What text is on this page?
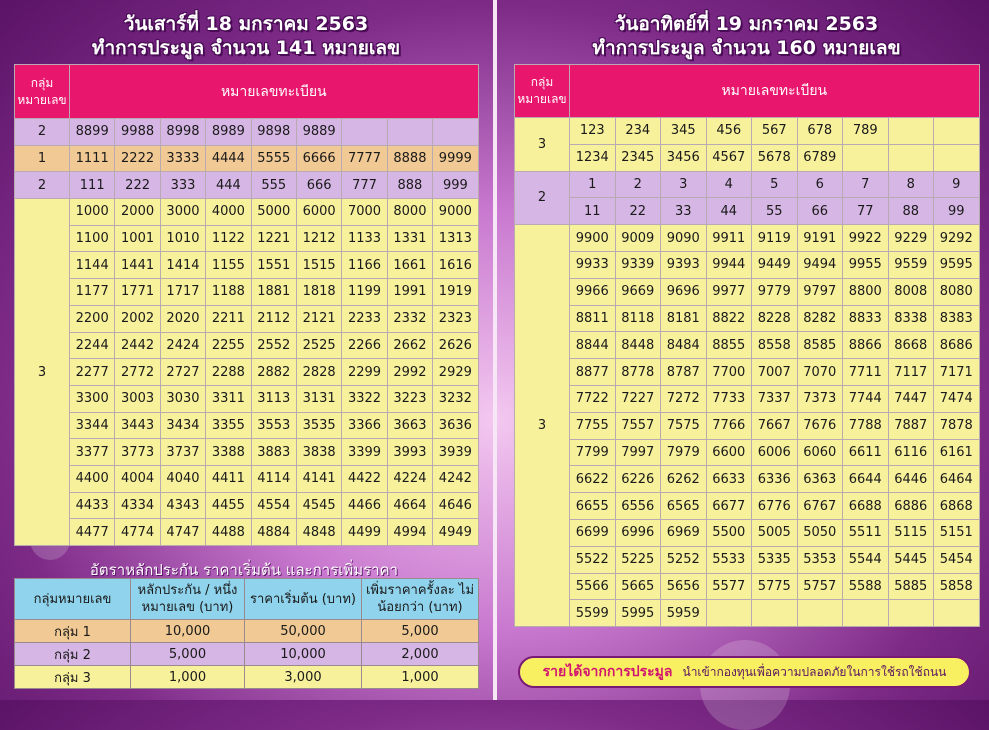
วันเสาร์ที่ 18 มกราคม 2563
ทำการประมูล จำนวน 141 หมายเลข
กลุ่มหมายเลข	หมายเลขทะเบียน								
2	8899	9988	8998	8989	9898	9889			
1	1111	2222	3333	4444	5555	6666	7777	8888	9999
2	111	222	333	444	555	666	777	888	999
3	1000	2000	3000	4000	5000	6000	7000	8000	9000
	1100	1001	1010	1122	1221	1212	1133	1331	1313
	1144	1441	1414	1155	1551	1515	1166	1661	1616
	1177	1771	1717	1188	1881	1818	1199	1991	1919
	2200	2002	2020	2211	2112	2121	2233	2332	2323
	2244	2442	2424	2255	2552	2525	2266	2662	2626
	2277	2772	2727	2288	2882	2828	2299	2992	2929
	3300	3003	3030	3311	3113	3131	3322	3223	3232
	3344	3443	3434	3355	3553	3535	3366	3663	3636
	3377	3773	3737	3388	3883	3838	3399	3993	3939
	4400	4004	4040	4411	4114	4141	4422	4224	4242
	4433	4334	4343	4455	4554	4545	4466	4664	4646
	4477	4774	4747	4488	4884	4848	4499	4994	4949
อัตราหลักประกัน ราคาเริ่มต้น และการเพิ่มราคา
กลุ่มหมายเลข	หลักประกัน / หนึ่งหมายเลข (บาท)	ราคาเริ่มต้น (บาท)	เพิ่มราคาครั้งละ ไม่น้อยกว่า (บาท)
กลุ่ม 1	10,000	50,000	5,000
กลุ่ม 2	5,000	10,000	2,000
กลุ่ม 3	1,000	3,000	1,000
วันอาทิตย์ที่ 19 มกราคม 2563
ทำการประมูล จำนวน 160 หมายเลข
กลุ่มหมายเลข	หมายเลขทะเบียน								
3	123	234	345	456	567	678	789		
	1234	2345	3456	4567	5678	6789			
2	1	2	3	4	5	6	7	8	9
	11	22	33	44	55	66	77	88	99
3	9900	9009	9090	9911	9119	9191	9922	9229	9292
	9933	9339	9393	9944	9449	9494	9955	9559	9595
	9966	9669	9696	9977	9779	9797	8800	8008	8080
	8811	8118	8181	8822	8228	8282	8833	8338	8383
	8844	8448	8484	8855	8558	8585	8866	8668	8686
	8877	8778	8787	7700	7007	7070	7711	7117	7171
	7722	7227	7272	7733	7337	7373	7744	7447	7474
	7755	7557	7575	7766	7667	7676	7788	7887	7878
	7799	7997	7979	6600	6006	6060	6611	6116	6161
	6622	6226	6262	6633	6336	6363	6644	6446	6464
	6655	6556	6565	6677	6776	6767	6688	6886	6868
	6699	6996	6969	5500	5005	5050	5511	5115	5151
	5522	5225	5252	5533	5335	5353	5544	5445	5454
	5566	5665	5656	5577	5775	5757	5588	5885	5858
	5599	5995	5959						
รายได้จากการประมูล นำเข้ากองทุนเพื่อความปลอดภัยในการใช้รถใช้ถนน
